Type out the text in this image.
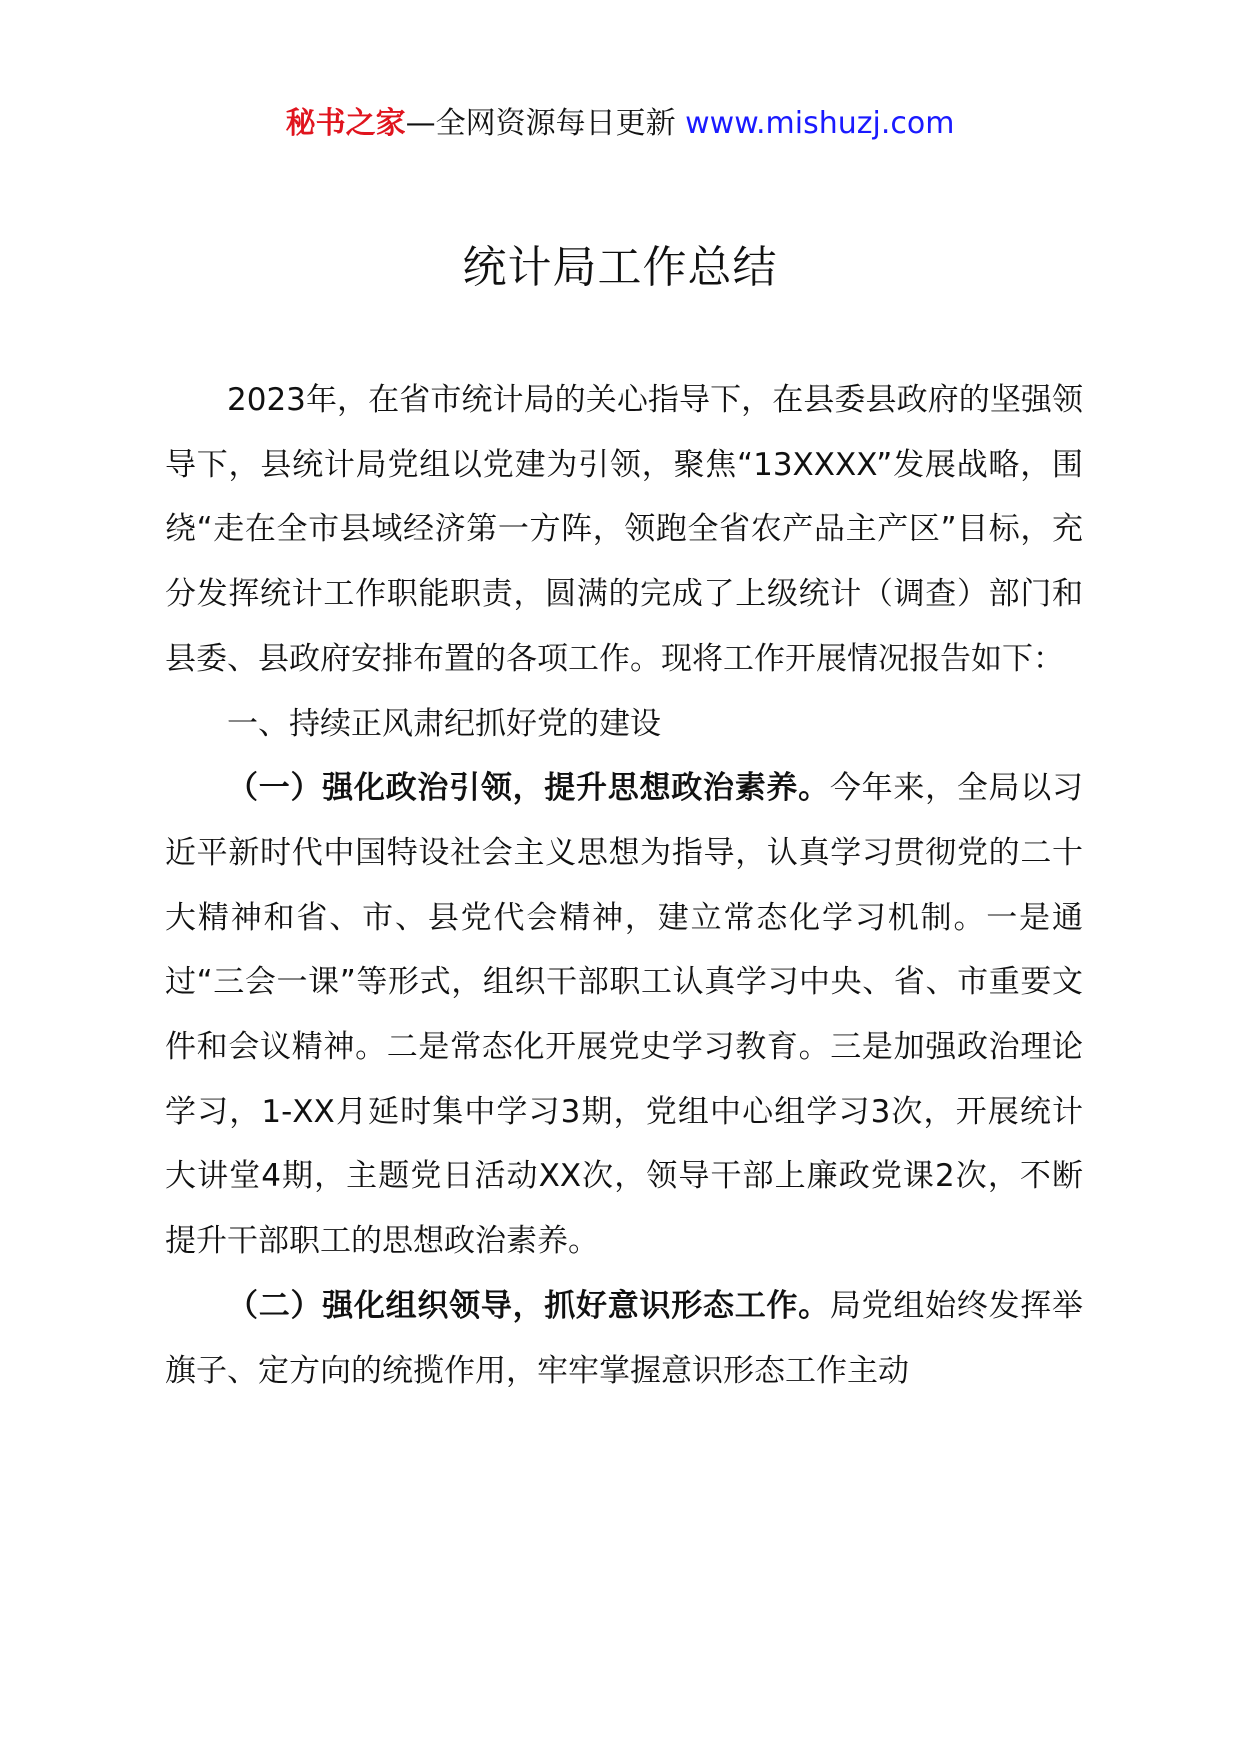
秘书之家—全网资源每日更新 www.mishuzj.com
统计局工作总结

2023年，在省市统计局的关心指导下，在县委县政府的坚强领导下，县统计局党组以党建为引领，聚焦“13XXXX”发展战略，围绕“走在全市县域经济第一方阵，领跑全省农产品主产区”目标，充分发挥统计工作职能职责，圆满的完成了上级统计（调查）部门和县委、县政府安排布置的各项工作。现将工作开展情况报告如下：

一、持续正风肃纪抓好党的建设

（一）强化政治引领，提升思想政治素养。今年来，全局以习近平新时代中国特设社会主义思想为指导，认真学习贯彻党的二十大精神和省、市、县党代会精神，建立常态化学习机制。一是通过“三会一课”等形式，组织干部职工认真学习中央、省、市重要文件和会议精神。二是常态化开展党史学习教育。三是加强政治理论学习，1-XX月延时集中学习3期，党组中心组学习3次，开展统计大讲堂4期，主题党日活动XX次，领导干部上廉政党课2次，不断提升干部职工的思想政治素养。

（二）强化组织领导，抓好意识形态工作。局党组始终发挥举旗子、定方向的统揽作用，牢牢掌握意识形态工作主动
